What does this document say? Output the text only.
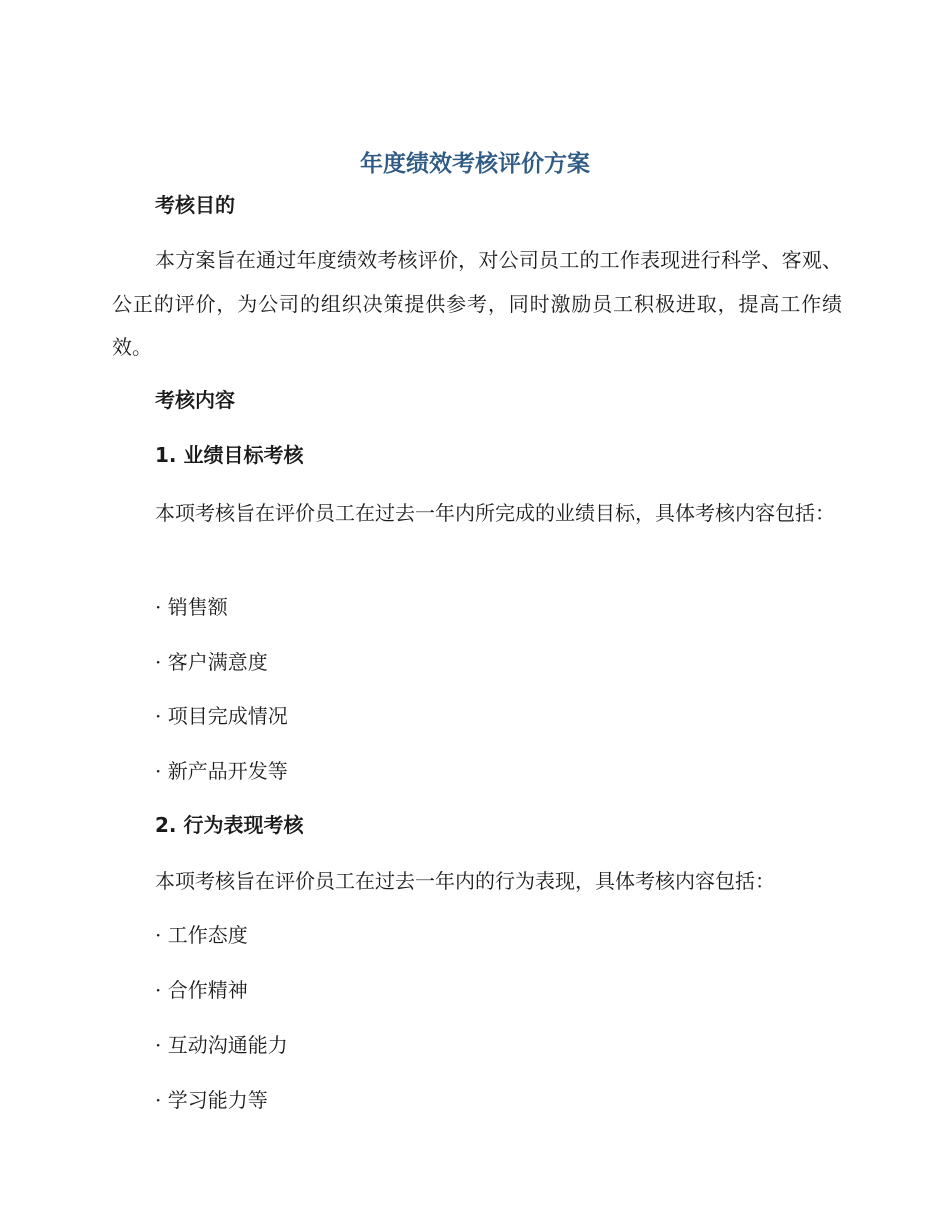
年度绩效考核评价方案
考核目的
本方案旨在通过年度绩效考核评价，对公司员工的工作表现进行科学、客观、公正的评价，为公司的组织决策提供参考，同时激励员工积极进取，提高工作绩效。
考核内容
1. 业绩目标考核
本项考核旨在评价员工在过去一年内所完成的业绩目标，具体考核内容包括：
· 销售额
· 客户满意度
· 项目完成情况
· 新产品开发等
2. 行为表现考核
本项考核旨在评价员工在过去一年内的行为表现，具体考核内容包括：
· 工作态度
· 合作精神
· 互动沟通能力
· 学习能力等
